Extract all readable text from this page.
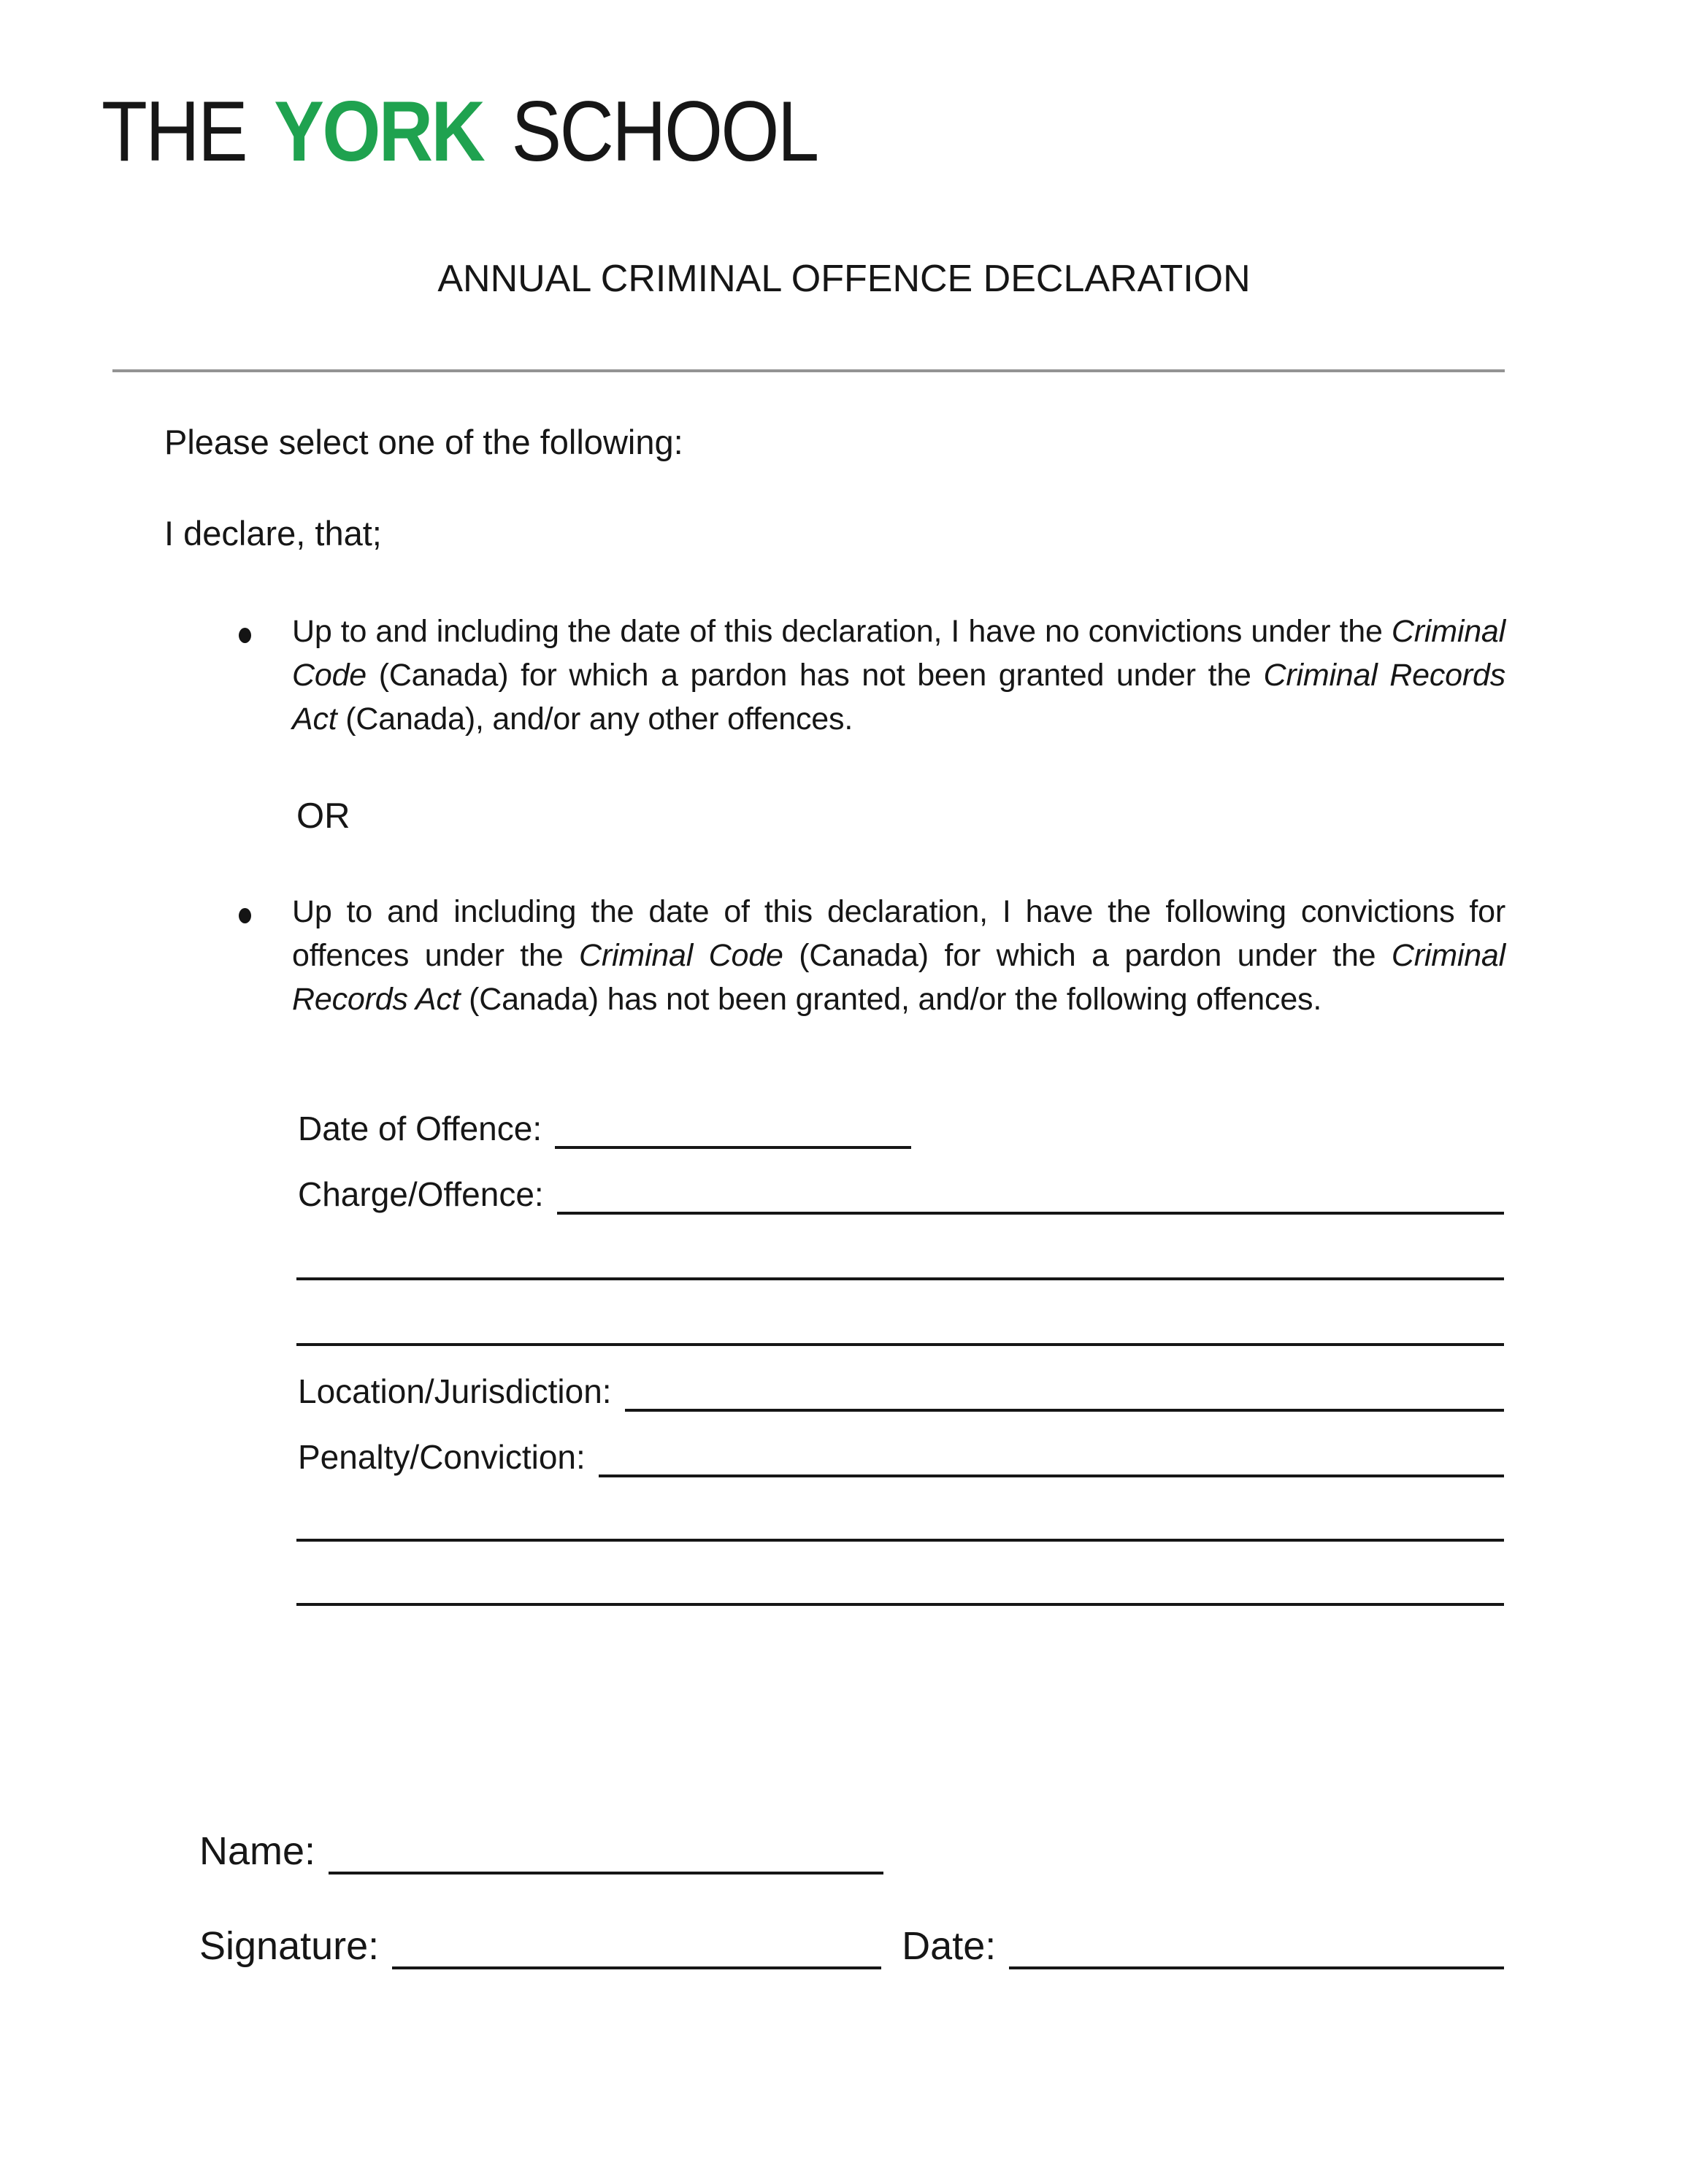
THE YORK SCHOOL
ANNUAL CRIMINAL OFFENCE DECLARATION

Please select one of the following:

I declare, that;

Up to and including the date of this declaration, I have no convictions under the Criminal Code (Canada) for which a pardon has not been granted under the Criminal Records Act (Canada), and/or any other offences.

OR

Up to and including the date of this declaration, I have the following convictions for offences under the Criminal Code (Canada) for which a pardon under the Criminal Records Act (Canada) has not been granted, and/or the following offences.

Date of Offence:
Charge/Offence:
Location/Jurisdiction:
Penalty/Conviction:
Name:
Signature:	Date:
